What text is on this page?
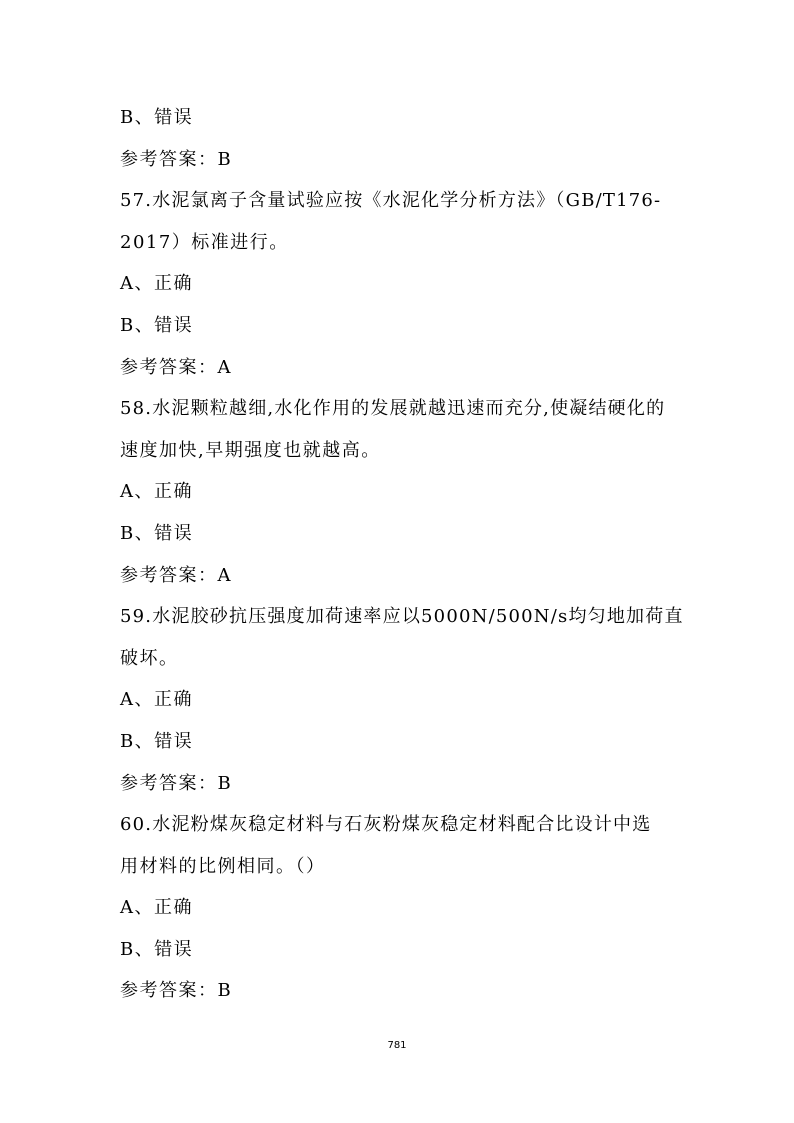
B、错误
参考答案：B
57.水泥氯离子含量试验应按《水泥化学分析方法》（GB/T176-
2017）标准进行。
A、正确
B、错误
参考答案：A
58.水泥颗粒越细,水化作用的发展就越迅速而充分,使凝结硬化的
速度加快,早期强度也就越高。
A、正确
B、错误
参考答案：A
59.水泥胶砂抗压强度加荷速率应以5000N/500N/s均匀地加荷直
破坏。
A、正确
B、错误
参考答案：B
60.水泥粉煤灰稳定材料与石灰粉煤灰稳定材料配合比设计中选
用材料的比例相同。（）
A、正确
B、错误
参考答案：B
781
